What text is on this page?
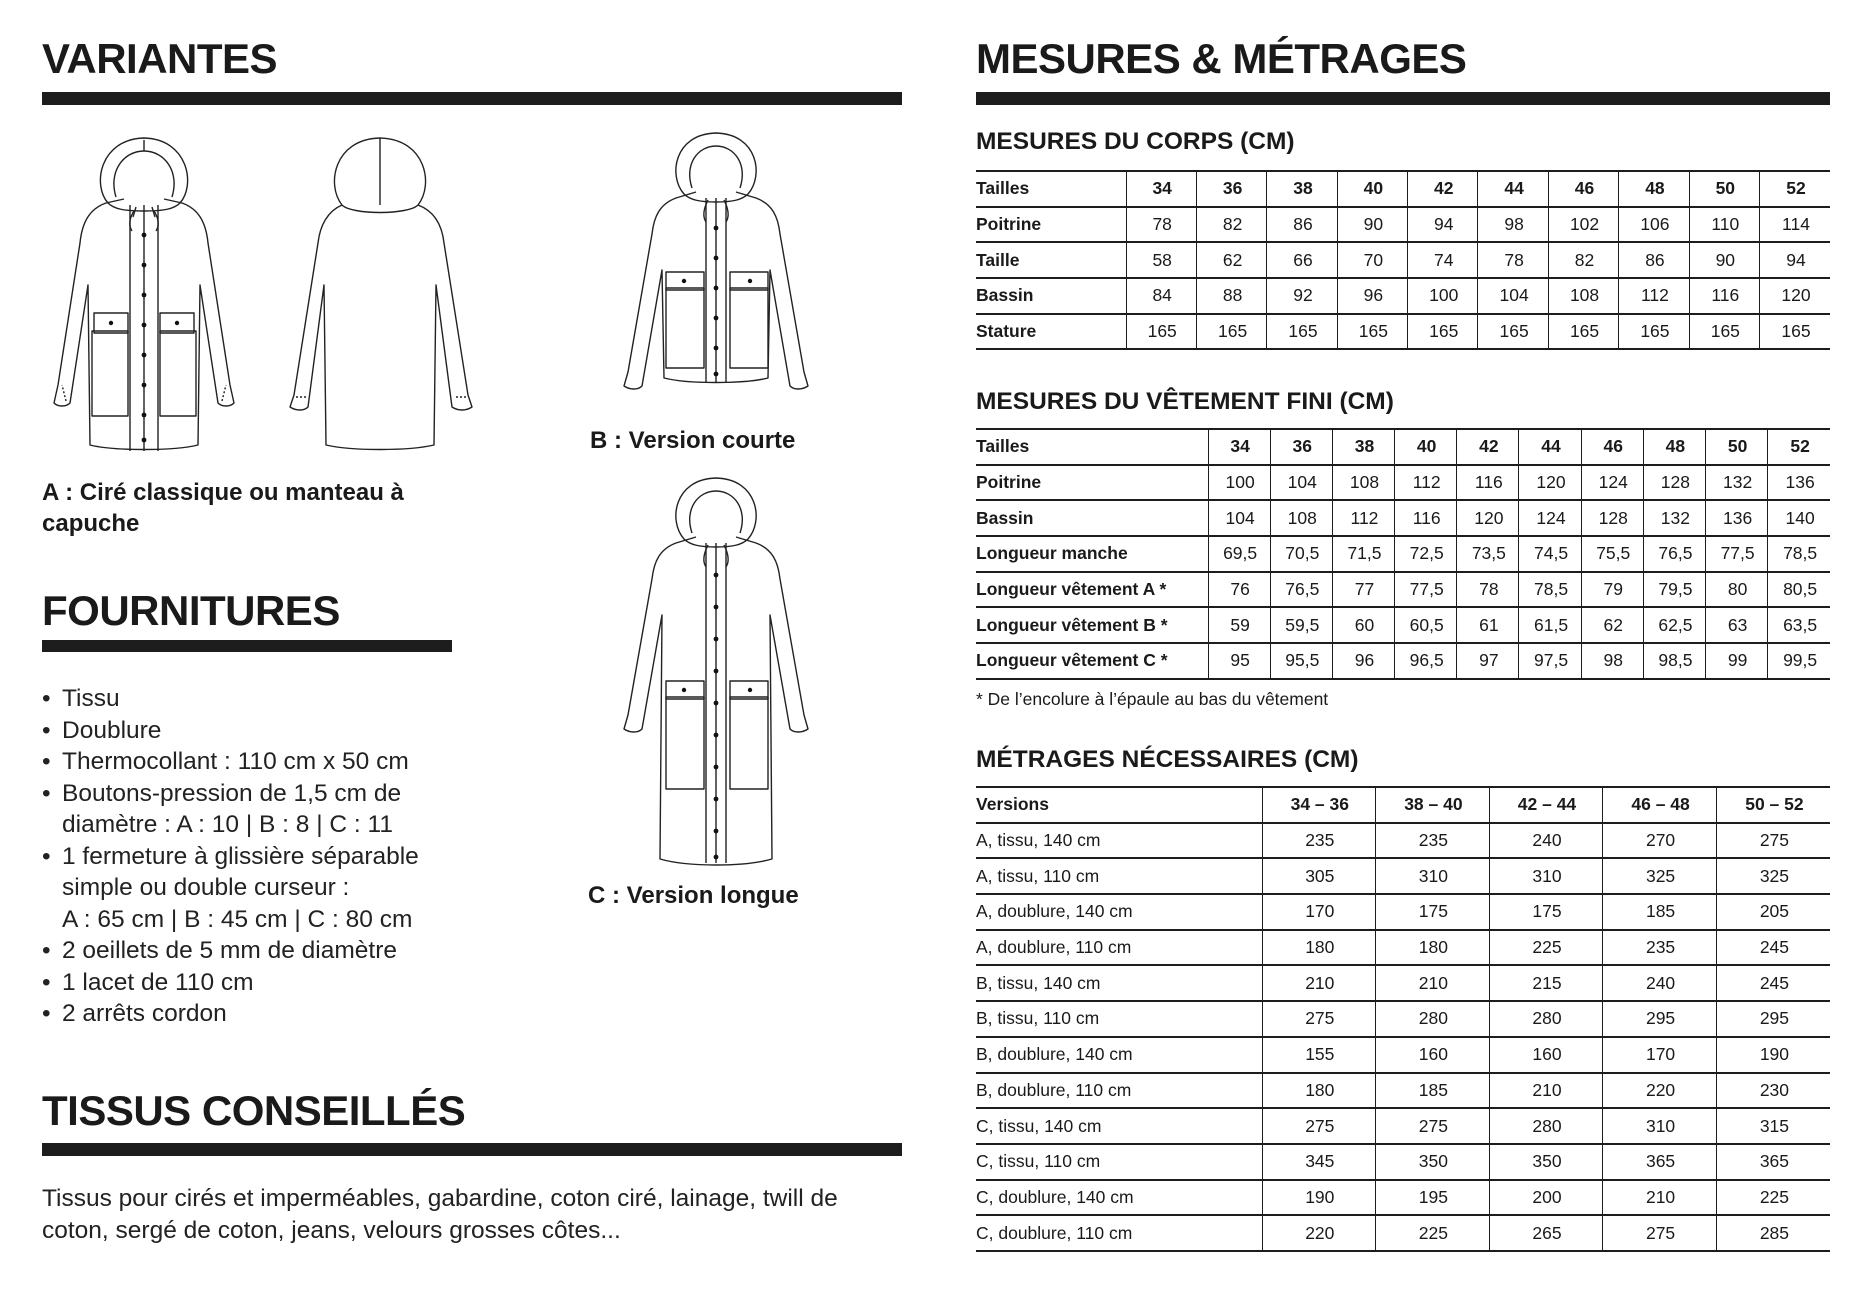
VARIANTES
A : Ciré classique ou manteau à
capuche
B : Version courte
C : Version longue
FOURNITURES
• Tissu
• Doublure
• Thermocollant : 110 cm x 50 cm
• Boutons-pression de 1,5 cm de
diamètre : A : 10 | B : 8 | C : 11
• 1 fermeture à glissière séparable
simple ou double curseur :
A : 65 cm | B : 45 cm | C : 80 cm
• 2 oeillets de 5 mm de diamètre
• 1 lacet de 110 cm
• 2 arrêts cordon
TISSUS CONSEILLÉS

Tissus pour cirés et imperméables, gabardine, coton ciré, lainage, twill de
coton, sergé de coton, jeans, velours grosses côtes...

MESURES & MÉTRAGES
MESURES DU CORPS (CM)
Tailles	34	36	38	40	42	44	46	48	50	52
Poitrine	78	82	86	90	94	98	102	106	110	114
Taille	58	62	66	70	74	78	82	86	90	94
Bassin	84	88	92	96	100	104	108	112	116	120
Stature	165	165	165	165	165	165	165	165	165	165
MESURES DU VÊTEMENT FINI (CM)
Tailles	34	36	38	40	42	44	46	48	50	52
Poitrine	100	104	108	112	116	120	124	128	132	136
Bassin	104	108	112	116	120	124	128	132	136	140
Longueur manche	69,5	70,5	71,5	72,5	73,5	74,5	75,5	76,5	77,5	78,5
Longueur vêtement A *	76	76,5	77	77,5	78	78,5	79	79,5	80	80,5
Longueur vêtement B *	59	59,5	60	60,5	61	61,5	62	62,5	63	63,5
Longueur vêtement C *	95	95,5	96	96,5	97	97,5	98	98,5	99	99,5

* De l’encolure à l’épaule au bas du vêtement

MÉTRAGES NÉCESSAIRES (CM)
Versions	34 – 36	38 – 40	42 – 44	46 – 48	50 – 52
A, tissu, 140 cm	235	235	240	270	275
A, tissu, 110 cm	305	310	310	325	325
A, doublure, 140 cm	170	175	175	185	205
A, doublure, 110 cm	180	180	225	235	245
B, tissu, 140 cm	210	210	215	240	245
B, tissu, 110 cm	275	280	280	295	295
B, doublure, 140 cm	155	160	160	170	190
B, doublure, 110 cm	180	185	210	220	230
C, tissu, 140 cm	275	275	280	310	315
C, tissu, 110 cm	345	350	350	365	365
C, doublure, 140 cm	190	195	200	210	225
C, doublure, 110 cm	220	225	265	275	285
